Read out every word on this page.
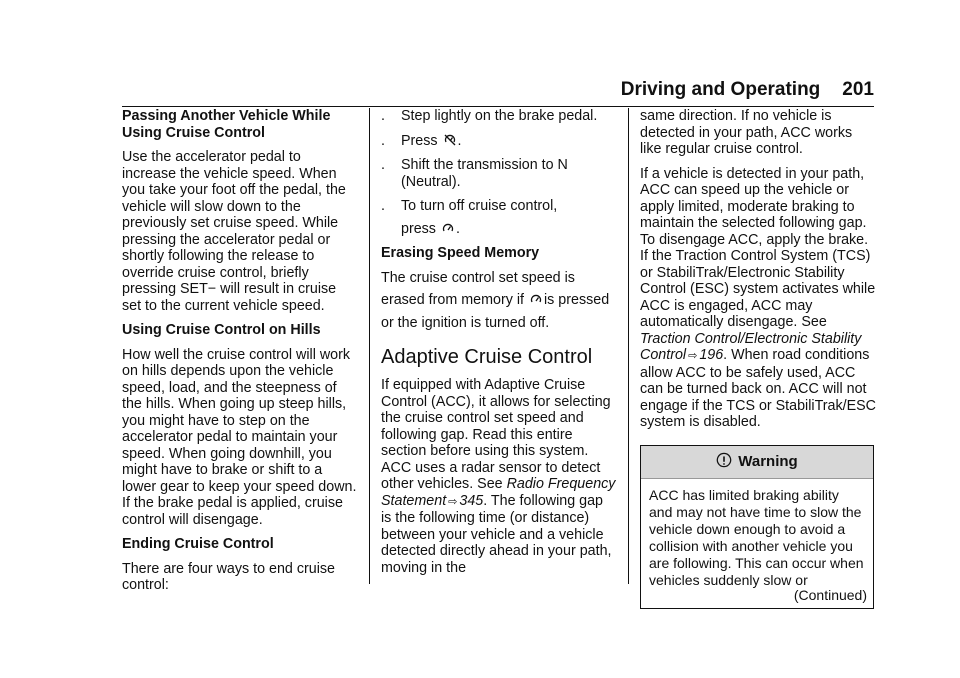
Driving and Operating 201
Passing Another Vehicle While Using Cruise Control

Use the accelerator pedal to increase the vehicle speed. When you take your foot off the pedal, the vehicle will slow down to the previously set cruise speed. While pressing the accelerator pedal or shortly following the release to override cruise control, briefly pressing SET− will result in cruise set to the current vehicle speed.

Using Cruise Control on Hills

How well the cruise control will work on hills depends upon the vehicle speed, load, and the steepness of the hills. When going up steep hills, you might have to step on the accelerator pedal to maintain your speed. When going downhill, you might have to brake or shift to a lower gear to keep your speed down. If the brake pedal is applied, cruise control will disengage.

Ending Cruise Control

There are four ways to end cruise control:

. Step lightly on the brake pedal.
. Press .
. Shift the transmission to N (Neutral).
. To turn off cruise control,
press .
Erasing Speed Memory

The cruise control set speed is
erased from memory if is pressed
or the ignition is turned off.

Adaptive Cruise Control

If equipped with Adaptive Cruise Control (ACC), it allows for selecting the cruise control set speed and following gap. Read this entire section before using this system. ACC uses a radar sensor to detect other vehicles. See Radio Frequency Statement ⇨ 345. The following gap is the following time (or distance) between your vehicle and a vehicle detected directly ahead in your path, moving in the

same direction. If no vehicle is detected in your path, ACC works like regular cruise control.

If a vehicle is detected in your path, ACC can speed up the vehicle or apply limited, moderate braking to maintain the selected following gap. To disengage ACC, apply the brake. If the Traction Control System (TCS) or StabiliTrak/Electronic Stability Control (ESC) system activates while ACC is engaged, ACC may automatically disengage. See Traction Control/Electronic Stability Control ⇨ 196. When road conditions allow ACC to be safely used, ACC can be turned back on. ACC will not engage if the TCS or StabiliTrak/ESC system is disabled.

Warning
ACC has limited braking ability and may not have time to slow the vehicle down enough to avoid a collision with another vehicle you are following. This can occur when vehicles suddenly slow or
(Continued)
